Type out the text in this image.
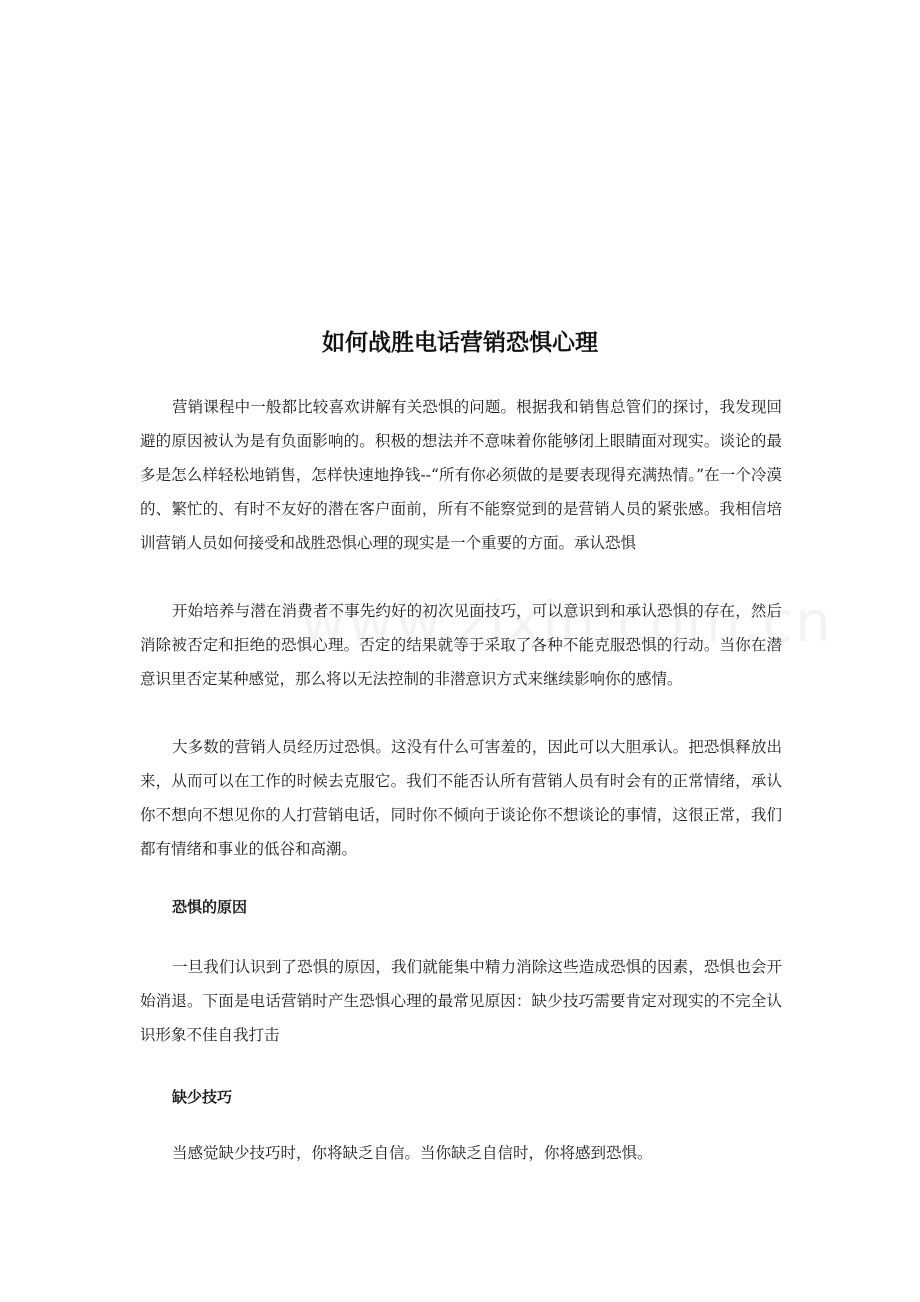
如何战胜电话营销恐惧心理

营销课程中一般都比较喜欢讲解有关恐惧的问题。根据我和销售总管们的探讨，我发现回避的原因被认为是有负面影响的。积极的想法并不意味着你能够闭上眼睛面对现实。谈论的最多是怎么样轻松地销售，怎样快速地挣钱--“所有你必须做的是要表现得充满热情。”在一个冷漠的、繁忙的、有时不友好的潜在客户面前，所有不能察觉到的是营销人员的紧张感。我相信培训营销人员如何接受和战胜恐惧心理的现实是一个重要的方面。承认恐惧

开始培养与潜在消费者不事先约好的初次见面技巧，可以意识到和承认恐惧的存在，然后消除被否定和拒绝的恐惧心理。否定的结果就等于采取了各种不能克服恐惧的行动。当你在潜意识里否定某种感觉，那么将以无法控制的非潜意识方式来继续影响你的感情。

大多数的营销人员经历过恐惧。这没有什么可害羞的，因此可以大胆承认。把恐惧释放出来，从而可以在工作的时候去克服它。我们不能否认所有营销人员有时会有的正常情绪，承认你不想向不想见你的人打营销电话，同时你不倾向于谈论你不想谈论的事情，这很正常，我们都有情绪和事业的低谷和高潮。

恐惧的原因

一旦我们认识到了恐惧的原因，我们就能集中精力消除这些造成恐惧的因素，恐惧也会开始消退。下面是电话营销时产生恐惧心理的最常见原因：缺少技巧需要肯定对现实的不完全认识形象不佳自我打击

缺少技巧

当感觉缺少技巧时，你将缺乏自信。当你缺乏自信时，你将感到恐惧。
